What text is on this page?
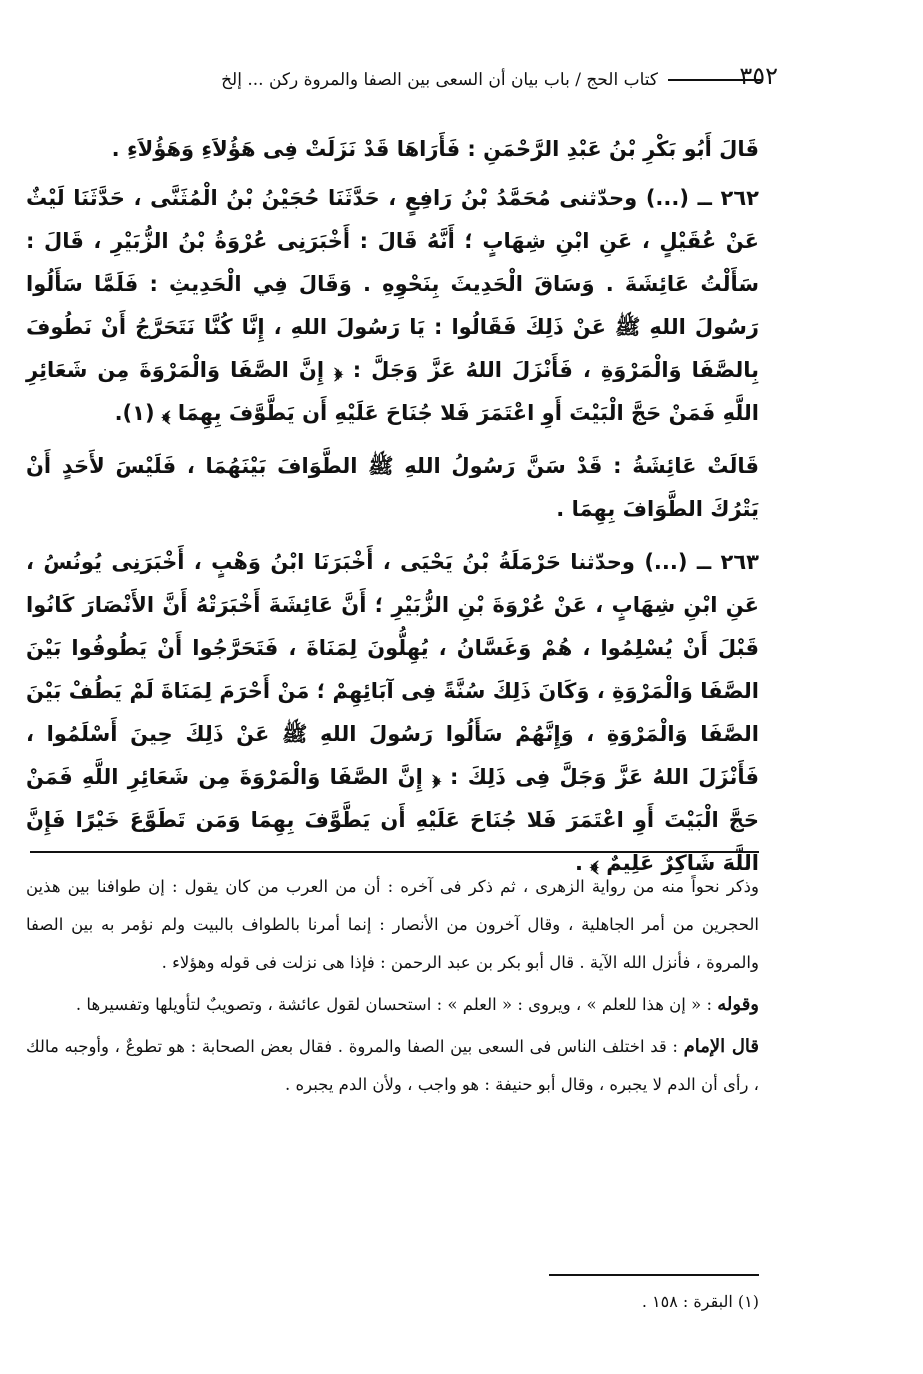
٣٥٢
كتاب الحج / باب بيان أن السعى بين الصفا والمروة ركن ... إلخ

قَالَ أَبُو بَكْرِ بْنُ عَبْدِ الرَّحْمَنِ : فَأَرَاهَا قَدْ نَزَلَتْ فِى هَؤُلاَءِ وَهَؤُلاَءِ .

٢٦٢ ــ (...) وحدّثنى مُحَمَّدُ بْنُ رَافِعٍ ، حَدَّثَنَا حُجَيْنُ بْنُ الْمُثَنَّى ، حَدَّثَنَا لَيْثٌ عَنْ عُقَيْلٍ ، عَنِ ابْنِ شِهَابٍ ؛ أَنَّهُ قَالَ : أَخْبَرَنِى عُرْوَةُ بْنُ الزُّبَيْرِ ، قَالَ : سَأَلْتُ عَائِشَةَ . وَسَاقَ الْحَدِيثَ بِنَحْوِهِ . وَقَالَ فِي الْحَدِيثِ : فَلَمَّا سَأَلُوا رَسُولَ اللهِ ﷺ عَنْ ذَلِكَ فَقَالُوا : يَا رَسُولَ اللهِ ، إِنَّا كُنَّا نَتَحَرَّجُ أَنْ نَطُوفَ بِالصَّفَا وَالْمَرْوَةِ ، فَأَنْزَلَ اللهُ عَزَّ وَجَلَّ : ﴿ إِنَّ الصَّفَا وَالْمَرْوَةَ مِن شَعَائِرِ اللَّهِ فَمَنْ حَجَّ الْبَيْتَ أَوِ اعْتَمَرَ فَلا جُنَاحَ عَلَيْهِ أَن يَطَّوَّفَ بِهِمَا ﴾ (١).

قَالَتْ عَائِشَةُ : قَدْ سَنَّ رَسُولُ اللهِ ﷺ الطَّوَافَ بَيْنَهُمَا ، فَلَيْسَ لأَحَدٍ أَنْ يَتْرُكَ الطَّوَافَ بِهِمَا .

٢٦٣ ــ (...) وحدّثنا حَرْمَلَةُ بْنُ يَحْيَى ، أَخْبَرَنَا ابْنُ وَهْبٍ ، أَخْبَرَنِى يُونُسُ ، عَنِ ابْنِ شِهَابٍ ، عَنْ عُرْوَةَ بْنِ الزُّبَيْرِ ؛ أَنَّ عَائِشَةَ أَخْبَرَتْهُ أَنَّ الأَنْصَارَ كَانُوا قَبْلَ أَنْ يُسْلِمُوا ، هُمْ وَغَسَّانُ ، يُهِلُّونَ لِمَنَاةَ ، فَتَحَرَّجُوا أَنْ يَطُوفُوا بَيْنَ الصَّفَا وَالْمَرْوَةِ ، وَكَانَ ذَلِكَ سُنَّةً فِى آبَائِهِمْ ؛ مَنْ أَحْرَمَ لِمَنَاةَ لَمْ يَطُفْ بَيْنَ الصَّفَا وَالْمَرْوَةِ ، وَإِنَّهُمْ سَأَلُوا رَسُولَ اللهِ ﷺ عَنْ ذَلِكَ حِينَ أَسْلَمُوا ، فَأَنْزَلَ اللهُ عَزَّ وَجَلَّ فِى ذَلِكَ : ﴿ إِنَّ الصَّفَا وَالْمَرْوَةَ مِن شَعَائِرِ اللَّهِ فَمَنْ حَجَّ الْبَيْتَ أَوِ اعْتَمَرَ فَلا جُنَاحَ عَلَيْهِ أَن يَطَّوَّفَ بِهِمَا وَمَن تَطَوَّعَ خَيْرًا فَإِنَّ اللَّهَ شَاكِرٌ عَلِيمٌ ﴾ .

وذكر نحواً منه من رواية الزهرى ، ثم ذكر فى آخره : أن من العرب من كان يقول : إن طوافنا بين هذين الحجرين من أمر الجاهلية ، وقال آخرون من الأنصار : إنما أمرنا بالطواف بالبيت ولم نؤمر به بين الصفا والمروة ، فأنزل الله الآية . قال أبو بكر بن عبد الرحمن : فإذا هى نزلت فى قوله وهؤلاء .

وقوله : « إن هذا للعلم » ، ويروى : « العلم » : استحسان لقول عائشة ، وتصويبٌ لتأويلها وتفسيرها .

قال الإمام : قد اختلف الناس فى السعى بين الصفا والمروة . فقال بعض الصحابة : هو تطوعٌ ، وأوجبه مالك ، رأى أن الدم لا يجبره ، وقال أبو حنيفة : هو واجب ، ولأن الدم يجبره .

(١) البقرة : ١٥٨ .
